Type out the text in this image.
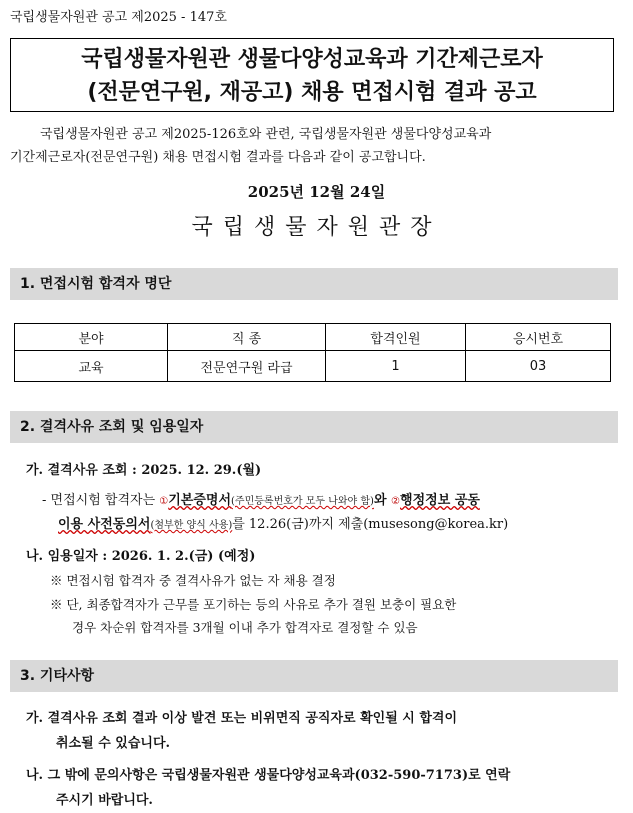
국립생물자원관 공고 제2025 - 147호
국립생물자원관 생물다양성교육과 기간제근로자
(전문연구원, 재공고) 채용 면접시험 결과 공고
국립생물자원관 공고 제2025-126호와 관련, 국립생물자원관 생물다양성교육과
기간제근로자(전문연구원) 채용 면접시험 결과를 다음과 같이 공고합니다.
2025년 12월 24일
국립생물자원관장
1. 면접시험 합격자 명단
분야	직 종	합격인원	응시번호
교육	전문연구원 라급	1	03
2. 결격사유 조회 및 임용일자
가. 결격사유 조회 : 2025. 12. 29.(월)
- 면접시험 합격자는 ①기본증명서(주민등록번호가 모두 나와야 함)와 ②행정정보 공동
이용 사전동의서(첨부한 양식 사용)를 12.26(금)까지 제출(musesong@korea.kr)
나. 임용일자 : 2026. 1. 2.(금) (예정)
※ 면접시험 합격자 중 결격사유가 없는 자 채용 결정
※ 단, 최종합격자가 근무를 포기하는 등의 사유로 추가 결원 보충이 필요한
경우 차순위 합격자를 3개월 이내 추가 합격자로 결정할 수 있음
3. 기타사항
가. 결격사유 조회 결과 이상 발견 또는 비위면직 공직자로 확인될 시 합격이
취소될 수 있습니다.
나. 그 밖에 문의사항은 국립생물자원관 생물다양성교육과(032-590-7173)로 연락
주시기 바랍니다.
